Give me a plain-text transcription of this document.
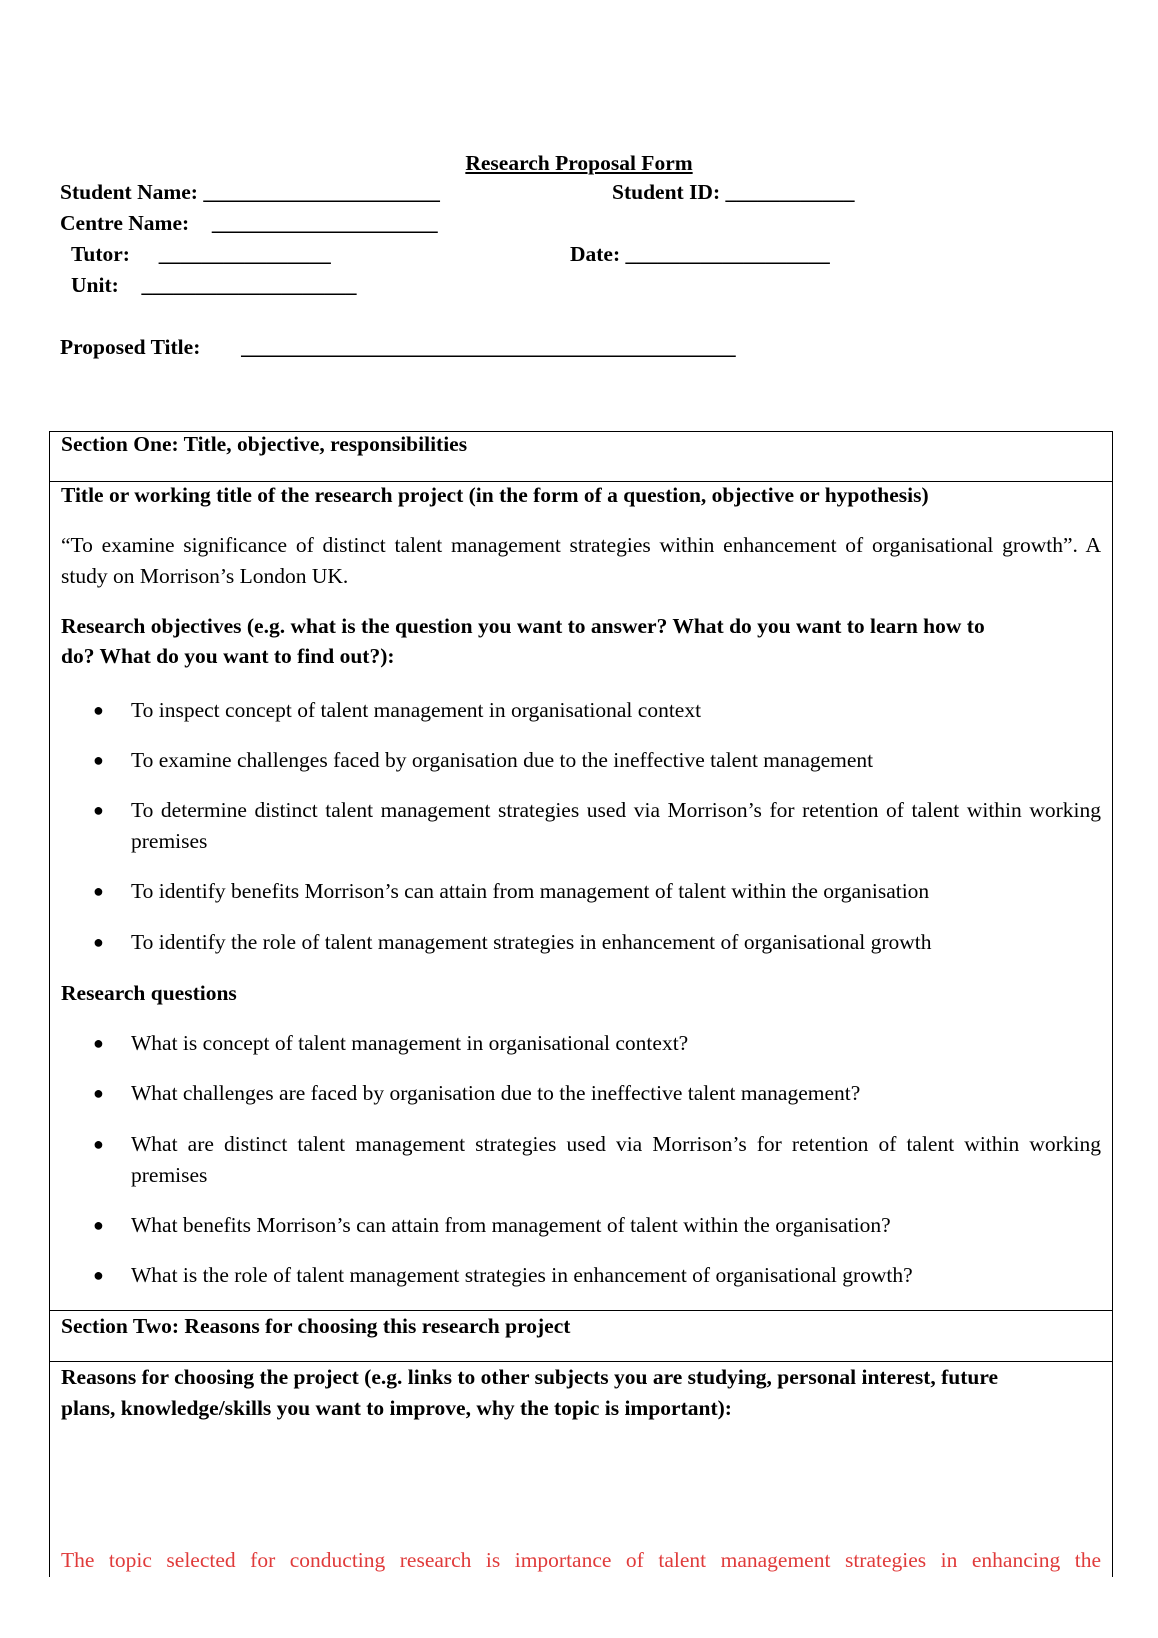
Research Proposal Form
Student Name: ______________________	Student ID: ____________
Centre Name: _____________________
Tutor: ________________	Date: ___________________
Unit: ____________________
Proposed Title: ______________________________________________
Section One: Title, objective, responsibilities
Title or working title of the research project (in the form of a question, objective or hypothesis)
“To examine significance of distinct talent management strategies within enhancement of organisational growth”. A study on Morrison’s London UK.
Research objectives (e.g. what is the question you want to answer? What do you want to learn how to
do? What do you want to find out?):
● To inspect concept of talent management in organisational context
● To examine challenges faced by organisation due to the ineffective talent management
● To determine distinct talent management strategies used via Morrison’s for retention of talent within working premises
● To identify benefits Morrison’s can attain from management of talent within the organisation
● To identify the role of talent management strategies in enhancement of organisational growth
Research questions
● What is concept of talent management in organisational context?
● What challenges are faced by organisation due to the ineffective talent management?
● What are distinct talent management strategies used via Morrison’s for retention of talent within working premises
● What benefits Morrison’s can attain from management of talent within the organisation?
● What is the role of talent management strategies in enhancement of organisational growth?
Section Two: Reasons for choosing this research project
Reasons for choosing the project (e.g. links to other subjects you are studying, personal interest, future
plans, knowledge/skills you want to improve, why the topic is important):
The topic selected for conducting research is importance of talent management strategies in enhancing the
